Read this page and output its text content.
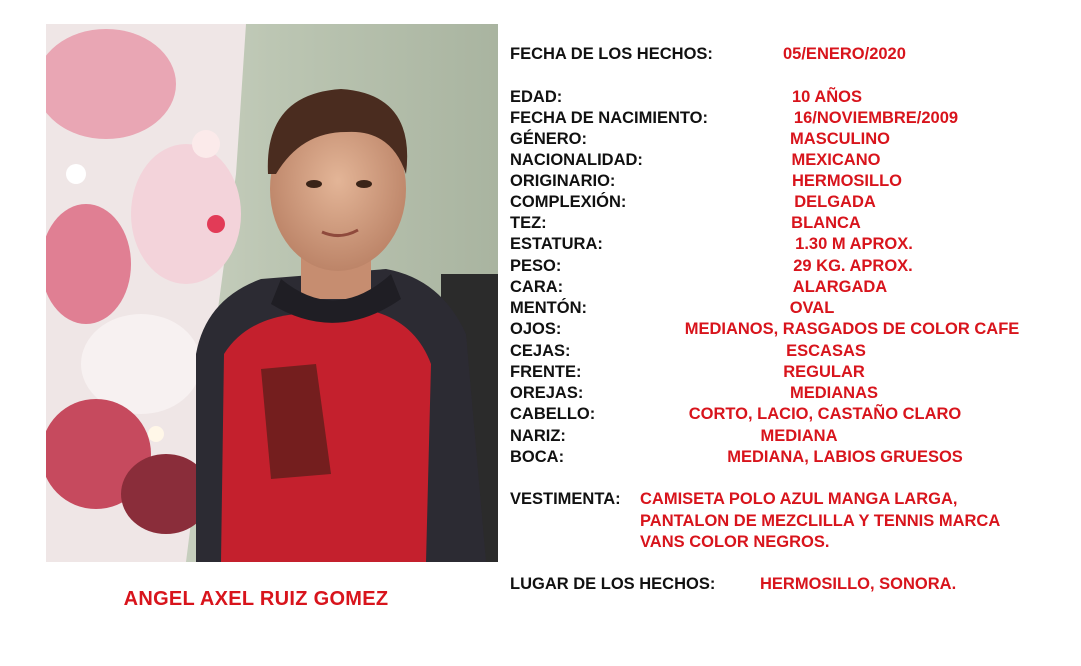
ANGEL AXEL RUIZ GOMEZ
FECHA DE LOS HECHOS:	05/ENERO/2020
EDAD:	10 AÑOS
FECHA DE NACIMIENTO:	16/NOVIEMBRE/2009
GÉNERO:	MASCULINO
NACIONALIDAD:	MEXICANO
ORIGINARIO:	HERMOSILLO
COMPLEXIÓN:	DELGADA
TEZ:	BLANCA
ESTATURA:	1.30 M APROX.
PESO:	29 KG. APROX.
CARA:	ALARGADA
MENTÓN:	OVAL
OJOS:	MEDIANOS, RASGADOS DE COLOR CAFE
CEJAS:	ESCASAS
FRENTE:	REGULAR
OREJAS:	MEDIANAS
CABELLO:	CORTO, LACIO, CASTAÑO CLARO
NARIZ:	MEDIANA
BOCA:	MEDIANA, LABIOS GRUESOS
VESTIMENTA: CAMISETA POLO AZUL MANGA LARGA,
PANTALON DE MEZCLILLA Y TENNIS MARCA
VANS COLOR NEGROS.
LUGAR DE LOS HECHOS:	HERMOSILLO, SONORA.
